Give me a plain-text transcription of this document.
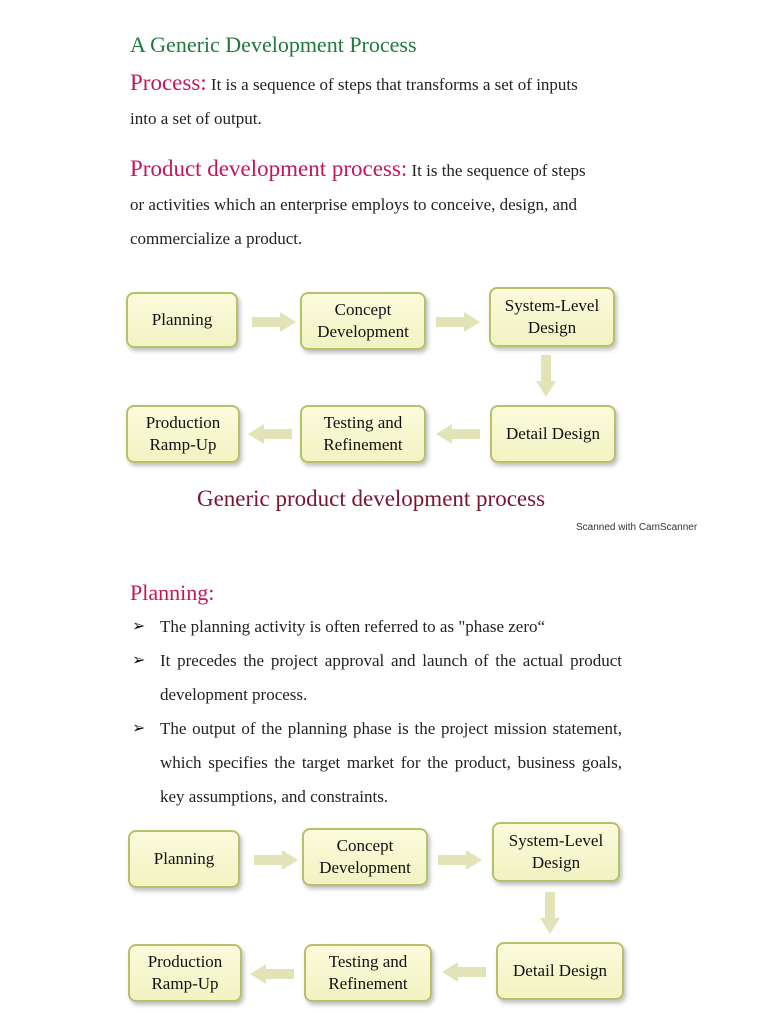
A Generic Development Process
Process: It is a sequence of steps that transforms a set of inputs into a set of output.
Product development process: It is the sequence of steps or activities which an enterprise employs to conceive, design, and commercialize a product.
Planning
Concept Development
System-Level Design
Detail Design
Testing and Refinement
Production Ramp-Up
Generic product development process
Scanned with CamScanner
Planning:
➢ The planning activity is often referred to as "phase zero“
➢ It precedes the project approval and launch of the actual product development process.
➢ The output of the planning phase is the project mission statement, which specifies the target market for the product, business goals, key assumptions, and constraints.
Planning
Concept Development
System-Level Design
Detail Design
Testing and Refinement
Production Ramp-Up
